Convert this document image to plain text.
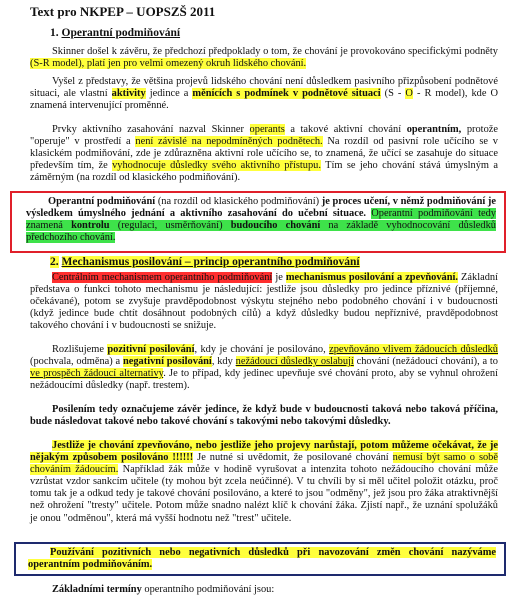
Text pro NKPEP – UOPSZŠ 2011
1. Operantní podmiňování

Skinner došel k závěru, že předchozí předpoklady o tom, že chování je provokováno specifickými podněty (S-R model), platí jen pro velmi omezený okruh lidského chování.

Vyšel z představy, že většina projevů lidského chování není důsledkem pasivního přizpůsobení podnětové situaci, ale vlastní aktivity jedince a měnících s podmínek v podnětové situaci (S - O - R model), kde O znamená intervenující proměnné.

Prvky aktivního zasahování nazval Skinner operants a takové aktivní chování operantním, protože "operuje" v prostředí a není závislé na nepodmíněných podnětech. Na rozdíl od pasivní role učícího se v klasickém podmiňování, zde je zdůrazněna aktivní role učícího se, to znamená, že učící se zasahuje do situace především tím, že vyhodnocuje důsledky svého aktivního přístupu. Tím se jeho chování stává úmyslným a záměrným (na rozdíl od klasického podmiňování).

Operantní podmiňování (na rozdíl od klasického podmiňování) je proces učení, v němž podmiňování je výsledkem úmyslného jednání a aktivního zasahování do učební situace. Operantní podmiňování tedy znamená kontrolu (regulaci, usměrňování) budoucího chování na základě vyhodnocování důsledků předchozího chování.

2. Mechanismus posilování – princip operantního podmiňování

Centrálním mechanismem operantního podmiňování je mechanismus posilování a zpevňování. Základní představa o funkci tohoto mechanismu je následující: jestliže jsou důsledky pro jedince příznivé (příjemné, očekávané), potom se zvyšuje pravděpodobnost výskytu stejného nebo podobného chování i v budoucnosti (když jedince bude chtít dosáhnout podobných cílů) a když důsledky budou nepříznivé, pravděpodobnost takového chování i v budoucnosti se snižuje.

Rozlišujeme pozitivní posilování, kdy je chování je posilováno, zpevňováno vlivem žádoucích důsledků (pochvala, odměna) a negativní posilování, kdy nežádoucí důsledky oslabují chování (nežádoucí chování), a to ve prospěch žádoucí alternativy. Je to případ, kdy jedinec upevňuje své chování proto, aby se vyhnul ohrožení nežádoucími důsledky (např. trestem).

Posilením tedy označujeme závěr jedince, že když bude v budoucnosti taková nebo taková příčina, bude následovat takové nebo takové chování s takovými nebo takovými důsledky.

Jestliže je chování zpevňováno, nebo jestliže jeho projevy narůstají, potom můžeme očekávat, že je nějakým způsobem posilováno !!!!!! Je nutné si uvědomit, že posilované chování nemusí být samo o sobě chováním žádoucím. Například žák může v hodině vyrušovat a intenzita tohoto nežádoucího chování může vzrůstat vzdor sankcím učitele (ty mohou být zcela neúčinné). V tu chvíli by si měl učitel položit otázku, proč tomu tak je a odkud tedy je takové chování posilováno, a které to jsou "odměny", jež jsou pro žáka atraktivnější než ohrožení "tresty" učitele. Potom může snadno nalézt klíč k chování žáka. Zjistí např., že uznání spolužáků je onou "odměnou", která má vyšší hodnotu než "trest" učitele.

Používání pozitivních nebo negativních důsledků při navozování změn chování nazýváme operantním podmiňováním.

Základními termíny operantního podmiňování jsou:
